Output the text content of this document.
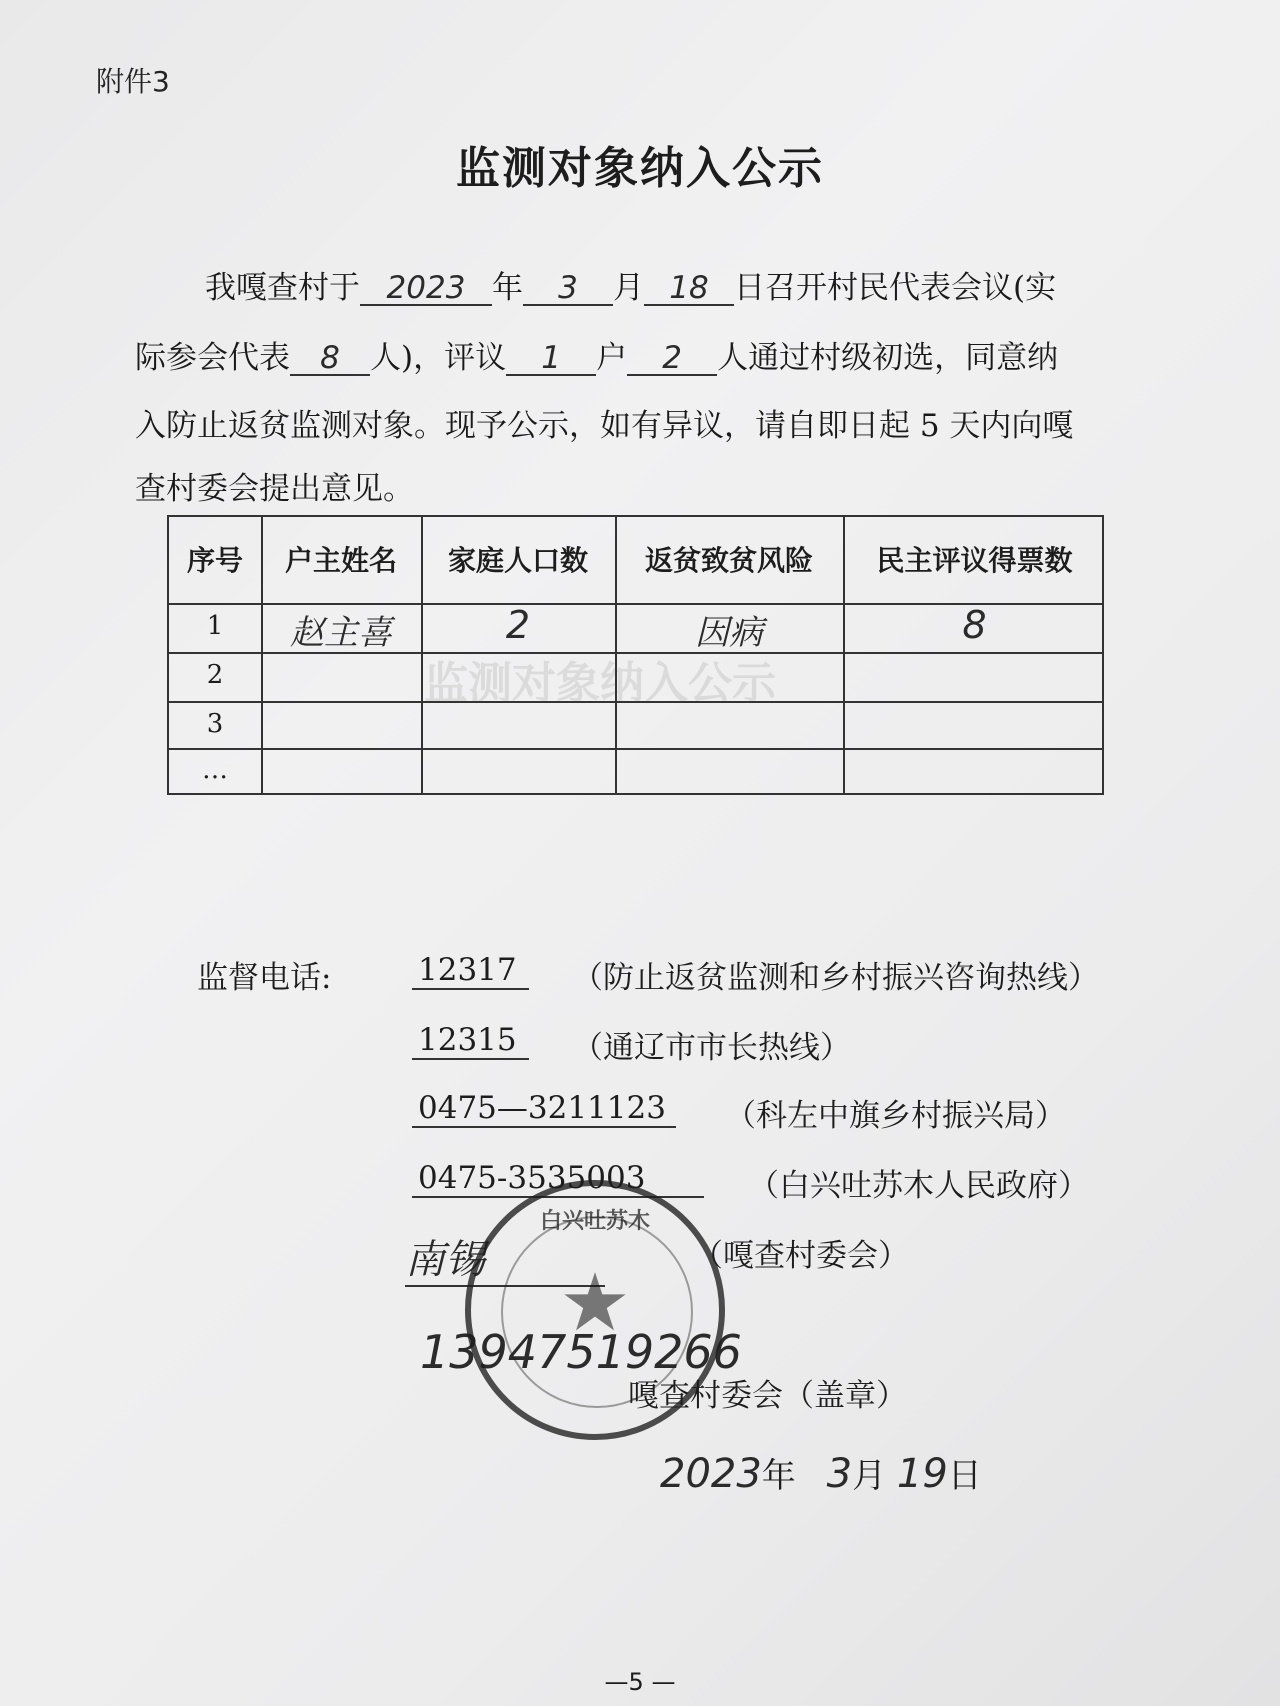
附件3
监测对象纳入公示
我嘎查村于 2023 年 3 月 18 日召开村民代表会议(实
际参会代表 8 人)，评议 1 户 2 人通过村级初选，同意纳
入防止返贫监测对象。现予公示，如有异议，请自即日起 5 天内向嘎
查村委会提出意见。
序号	户主姓名	家庭人口数	返贫致贫风险	民主评议得票数
1	赵主喜	2	因病	8
2
3
…
监测对象纳入公示
监督电话:	12317	（防止返贫监测和乡村振兴咨询热线）
12315	（通辽市市长热线）
0475—3211123	（科左中旗乡村振兴局）
0475-3535003	（白兴吐苏木人民政府）
南锡	（嘎查村委会）
13947519266
白兴吐苏木
★
嘎查村委会（盖章）
2023年 3月 19日
—5 —
